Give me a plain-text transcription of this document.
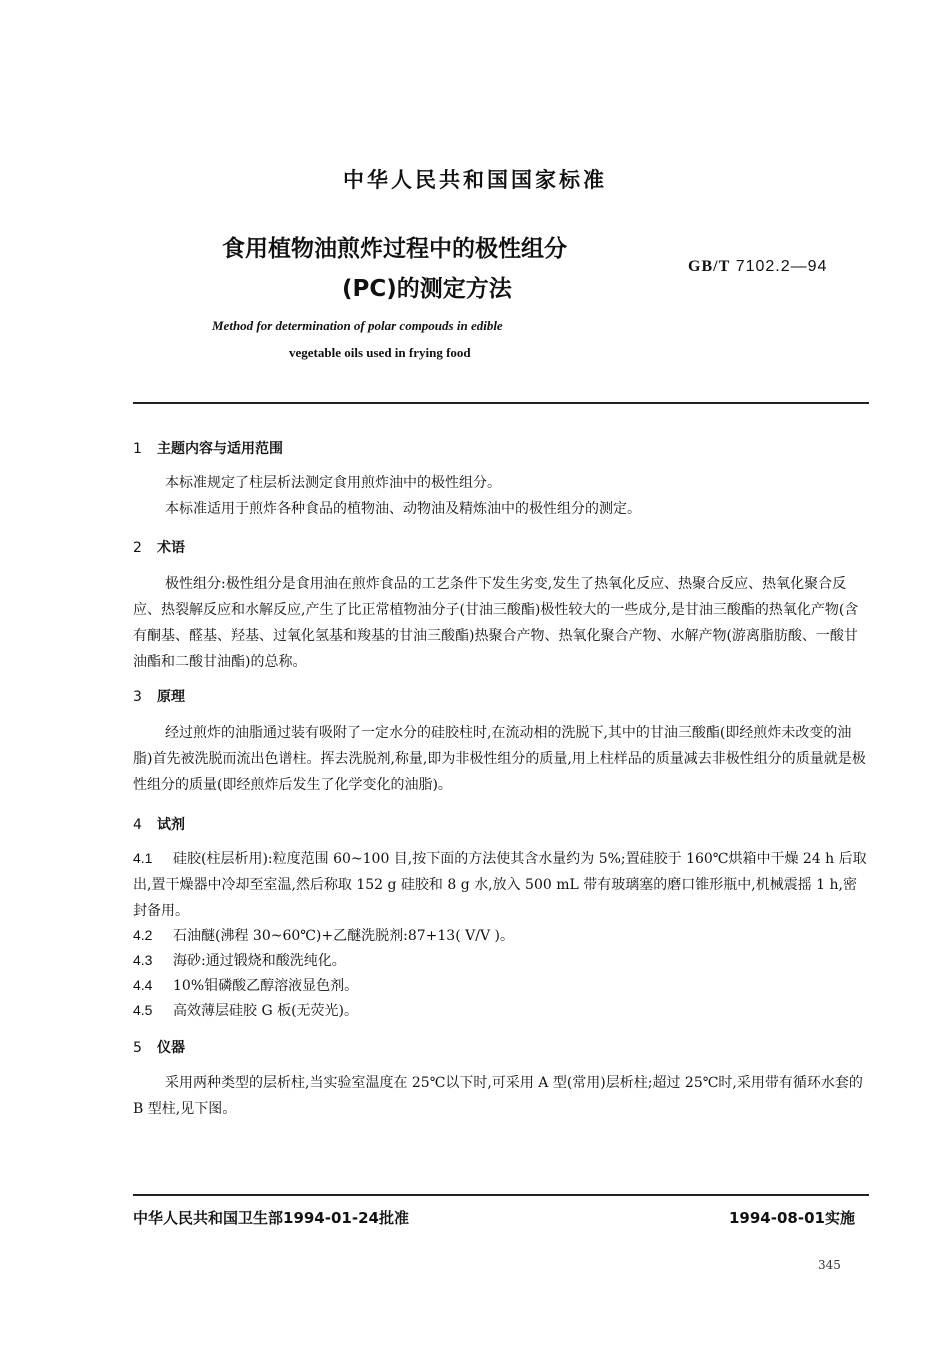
中华人民共和国国家标准
食用植物油煎炸过程中的极性组分
(PC)的测定方法
GB/T 7102.2—94
Method for determination of polar compouds in edible
vegetable oils used in frying food
1 主题内容与适用范围
本标准规定了柱层析法测定食用煎炸油中的极性组分。
本标准适用于煎炸各种食品的植物油、动物油及精炼油中的极性组分的测定。
2 术语
极性组分:极性组分是食用油在煎炸食品的工艺条件下发生劣变,发生了热氧化反应、热聚合反应、热氧化聚合反应、热裂解反应和水解反应,产生了比正常植物油分子(甘油三酸酯)极性较大的一些成分,是甘油三酸酯的热氧化产物(含有酮基、醛基、羟基、过氧化氢基和羧基的甘油三酸酯)热聚合产物、热氧化聚合产物、水解产物(游离脂肪酸、一酸甘油酯和二酸甘油酯)的总称。
3 原理
经过煎炸的油脂通过装有吸附了一定水分的硅胶柱时,在流动相的洗脱下,其中的甘油三酸酯(即经煎炸未改变的油脂)首先被洗脱而流出色谱柱。挥去洗脱剂,称量,即为非极性组分的质量,用上柱样品的质量减去非极性组分的质量就是极性组分的质量(即经煎炸后发生了化学变化的油脂)。
4 试剂
4.1 硅胶(柱层析用):粒度范围 60~100 目,按下面的方法使其含水量约为 5%;置硅胶于 160℃烘箱中干燥 24 h 后取出,置干燥器中冷却至室温,然后称取 152 g 硅胶和 8 g 水,放入 500 mL 带有玻璃塞的磨口锥形瓶中,机械震摇 1 h,密封备用。
4.2 石油醚(沸程 30~60℃)+乙醚洗脱剂:87+13( V/V )。
4.3 海砂:通过锻烧和酸洗纯化。
4.4 10%钼磷酸乙醇溶液显色剂。
4.5 高效薄层硅胶 G 板(无荧光)。
5 仪器
采用两种类型的层析柱,当实验室温度在 25℃以下时,可采用 A 型(常用)层析柱;超过 25℃时,采用带有循环水套的 B 型柱,见下图。
中华人民共和国卫生部1994-01-24批准	1994-08-01实施
345
